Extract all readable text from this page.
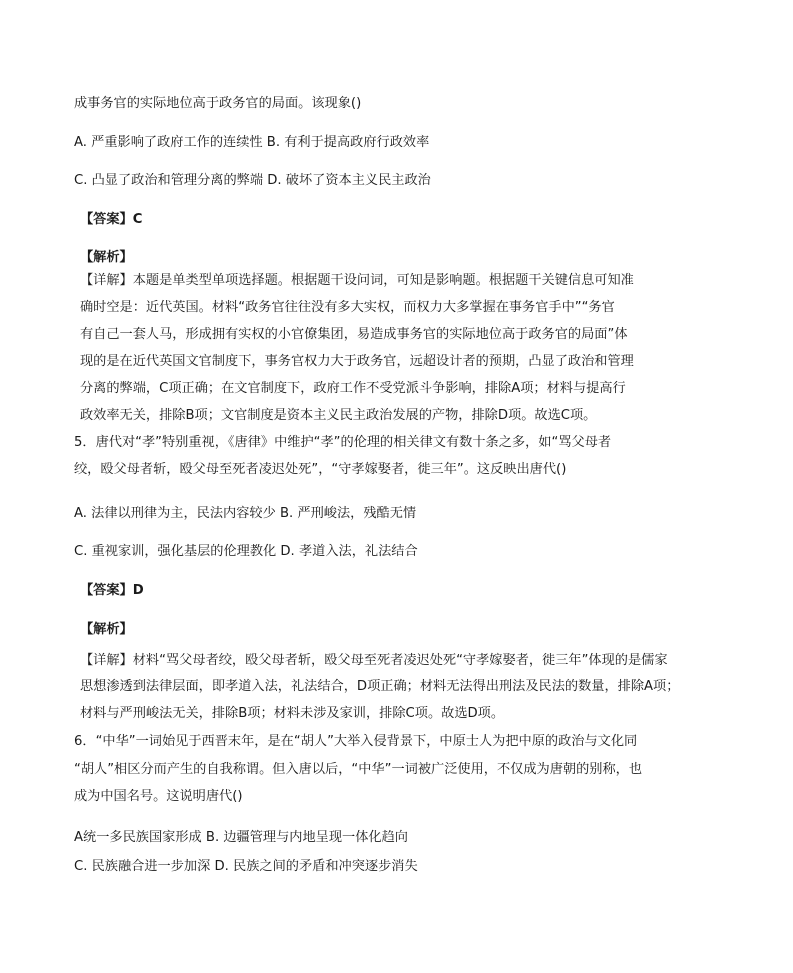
成事务官的实际地位高于政务官的局面。该现象()
A. 严重影响了政府工作的连续性 B. 有利于提高政府行政效率
C. 凸显了政治和管理分离的弊端 D. 破坏了资本主义民主政治
【答案】C
【解析】
【详解】本题是单类型单项选择题。根据题干设问词，可知是影响题。根据题干关键信息可知准
确时空是：近代英国。材料“政务官往往没有多大实权，而权力大多掌握在事务官手中”“务官
有自己一套人马，形成拥有实权的小官僚集团，易造成事务官的实际地位高于政务官的局面”体
现的是在近代英国文官制度下，事务官权力大于政务官，远超设计者的预期，凸显了政治和管理
分离的弊端，C项正确；在文官制度下，政府工作不受党派斗争影响，排除A项；材料与提高行
政效率无关，排除B项；文官制度是资本主义民主政治发展的产物，排除D项。故选C项。
5．唐代对“孝”特别重视，《唐律》中维护“孝”的伦理的相关律文有数十条之多，如“骂父母者
绞，殴父母者斩，殴父母至死者凌迟处死”，“守孝嫁娶者，徙三年”。这反映出唐代()
A. 法律以刑律为主，民法内容较少 B. 严刑峻法，残酷无情
C. 重视家训，强化基层的伦理教化 D. 孝道入法，礼法结合
【答案】D
【解析】
【详解】材料“骂父母者绞，殴父母者斩，殴父母至死者凌迟处死“守孝嫁娶者，徙三年”体现的是儒家
思想渗透到法律层面，即孝道入法，礼法结合，D项正确；材料无法得出刑法及民法的数量，排除A项；
材料与严刑峻法无关，排除B项；材料未涉及家训，排除C项。故选D项。
6．“中华”一词始见于西晋末年，是在“胡人”大举入侵背景下，中原士人为把中原的政治与文化同
“胡人”相区分而产生的自我称谓。但入唐以后，“中华”一词被广泛使用，不仅成为唐朝的别称，也
成为中国名号。这说明唐代()
A统一多民族国家形成 B. 边疆管理与内地呈现一体化趋向
C. 民族融合进一步加深 D. 民族之间的矛盾和冲突逐步消失
